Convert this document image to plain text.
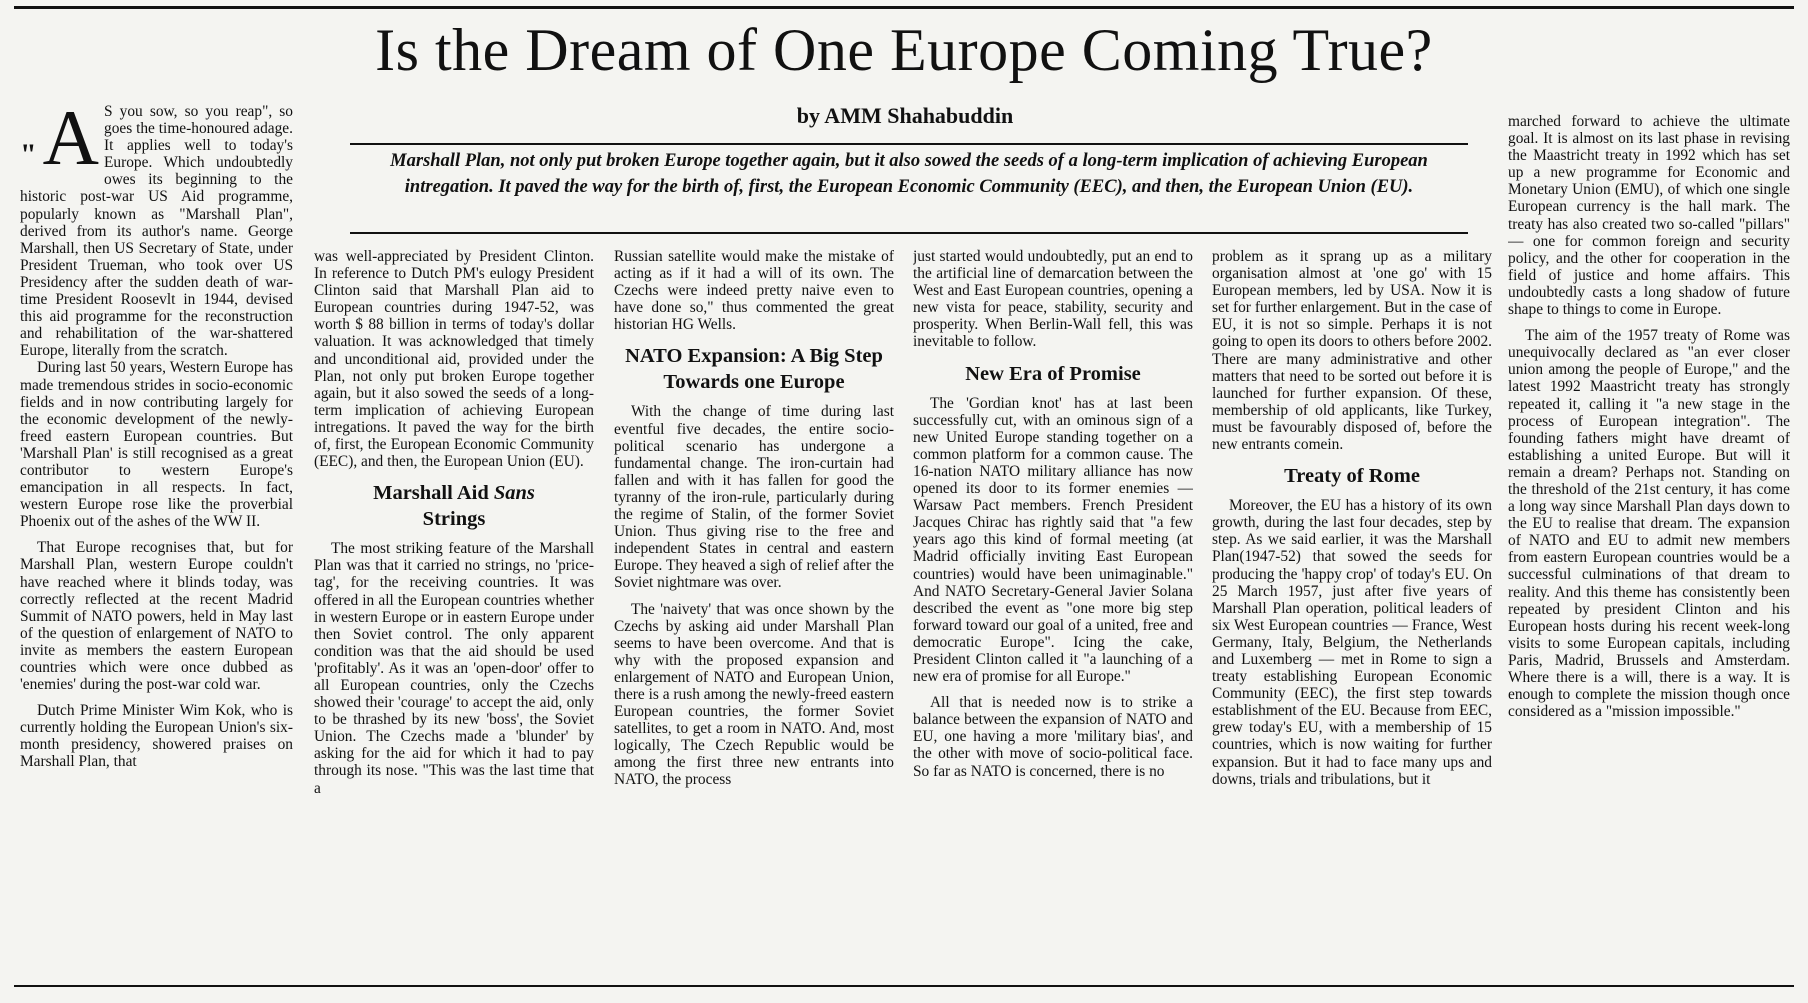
Is the Dream of One Europe Coming True?
by AMM Shahabuddin

Marshall Plan, not only put broken Europe together again, but it also sowed the seeds of a long-term implication of achieving European intregation. It paved the way for the birth of, first, the European Economic Community (EEC), and then, the European Union (EU).

"A S you sow, so you reap", so goes the time-honoured adage. It applies well to today's Europe. Which undoubtedly owes its beginning to the historic post-war US Aid programme, popularly known as "Marshall Plan", derived from its author's name. George Marshall, then US Secretary of State, under President Trueman, who took over US Presidency after the sudden death of war-time President Roosevlt in 1944, devised this aid programme for the reconstruction and rehabilitation of the war-shattered Europe, literally from the scratch.

During last 50 years, Western Europe has made tremendous strides in socio-economic fields and in now contributing largely for the economic development of the newly-freed eastern European countries. But 'Marshall Plan' is still recognised as a great contributor to western Europe's emancipation in all respects. In fact, western Europe rose like the proverbial Phoenix out of the ashes of the WW II.

That Europe recognises that, but for Marshall Plan, western Europe couldn't have reached where it blinds today, was correctly reflected at the recent Madrid Summit of NATO powers, held in May last of the question of enlargement of NATO to invite as members the eastern European countries which were once dubbed as 'enemies' during the post-war cold war.

Dutch Prime Minister Wim Kok, who is currently holding the European Union's six-month presidency, showered praises on Marshall Plan, that

was well-appreciated by President Clinton. In reference to Dutch PM's eulogy President Clinton said that Marshall Plan aid to European countries during 1947-52, was worth $ 88 billion in terms of today's dollar valuation. It was acknowledged that timely and unconditional aid, provided under the Plan, not only put broken Europe together again, but it also sowed the seeds of a long-term implication of achieving European intregations. It paved the way for the birth of, first, the European Economic Community (EEC), and then, the European Union (EU).

Marshall Aid Sans
Strings

The most striking feature of the Marshall Plan was that it carried no strings, no 'price-tag', for the receiving countries. It was offered in all the European countries whether in western Europe or in eastern Europe under then Soviet control. The only apparent condition was that the aid should be used 'profitably'. As it was an 'open-door' offer to all European countries, only the Czechs showed their 'courage' to accept the aid, only to be thrashed by its new 'boss', the Soviet Union. The Czechs made a 'blunder' by asking for the aid for which it had to pay through its nose. "This was the last time that a

Russian satellite would make the mistake of acting as if it had a will of its own. The Czechs were indeed pretty naive even to have done so," thus commented the great historian HG Wells.

NATO Expansion: A Big Step Towards one Europe

With the change of time during last eventful five decades, the entire socio-political scenario has undergone a fundamental change. The iron-curtain had fallen and with it has fallen for good the tyranny of the iron-rule, particularly during the regime of Stalin, of the former Soviet Union. Thus giving rise to the free and independent States in central and eastern Europe. They heaved a sigh of relief after the Soviet nightmare was over.

The 'naivety' that was once shown by the Czechs by asking aid under Marshall Plan seems to have been overcome. And that is why with the proposed expansion and enlargement of NATO and European Union, there is a rush among the newly-freed eastern European countries, the former Soviet satellites, to get a room in NATO. And, most logically, The Czech Republic would be among the first three new entrants into NATO, the process

just started would undoubtedly, put an end to the artificial line of demarcation between the West and East European countries, opening a new vista for peace, stability, security and prosperity. When Berlin-Wall fell, this was inevitable to follow.

New Era of Promise

The 'Gordian knot' has at last been successfully cut, with an ominous sign of a new United Europe standing together on a common platform for a common cause. The 16-nation NATO military alliance has now opened its door to its former enemies — Warsaw Pact members. French President Jacques Chirac has rightly said that "a few years ago this kind of formal meeting (at Madrid officially inviting East European countries) would have been unimaginable." And NATO Secretary-General Javier Solana described the event as "one more big step forward toward our goal of a united, free and democratic Europe". Icing the cake, President Clinton called it "a launching of a new era of promise for all Europe."

All that is needed now is to strike a balance between the expansion of NATO and EU, one having a more 'military bias', and the other with move of socio-political face. So far as NATO is concerned, there is no

problem as it sprang up as a military organisation almost at 'one go' with 15 European members, led by USA. Now it is set for further enlargement. But in the case of EU, it is not so simple. Perhaps it is not going to open its doors to others before 2002. There are many administrative and other matters that need to be sorted out before it is launched for further expansion. Of these, membership of old applicants, like Turkey, must be favourably disposed of, before the new entrants comein.

Treaty of Rome

Moreover, the EU has a history of its own growth, during the last four decades, step by step. As we said earlier, it was the Marshall Plan(1947-52) that sowed the seeds for producing the 'happy crop' of today's EU. On 25 March 1957, just after five years of Marshall Plan operation, political leaders of six West European countries — France, West Germany, Italy, Belgium, the Netherlands and Luxemberg — met in Rome to sign a treaty establishing European Economic Community (EEC), the first step towards establishment of the EU. Because from EEC, grew today's EU, with a membership of 15 countries, which is now waiting for further expansion. But it had to face many ups and downs, trials and tribulations, but it

marched forward to achieve the ultimate goal. It is almost on its last phase in revising the Maastricht treaty in 1992 which has set up a new programme for Economic and Monetary Union (EMU), of which one single European currency is the hall mark. The treaty has also created two so-called "pillars" — one for common foreign and security policy, and the other for cooperation in the field of justice and home affairs. This undoubtedly casts a long shadow of future shape to things to come in Europe.

The aim of the 1957 treaty of Rome was unequivocally declared as "an ever closer union among the people of Europe," and the latest 1992 Maastricht treaty has strongly repeated it, calling it "a new stage in the process of European integration". The founding fathers might have dreamt of establishing a united Europe. But will it remain a dream? Perhaps not. Standing on the threshold of the 21st century, it has come a long way since Marshall Plan days down to the EU to realise that dream. The expansion of NATO and EU to admit new members from eastern European countries would be a successful culminations of that dream to reality. And this theme has consistently been repeated by president Clinton and his European hosts during his recent week-long visits to some European capitals, including Paris, Madrid, Brussels and Amsterdam. Where there is a will, there is a way. It is enough to complete the mission though once considered as a "mission impossible."
